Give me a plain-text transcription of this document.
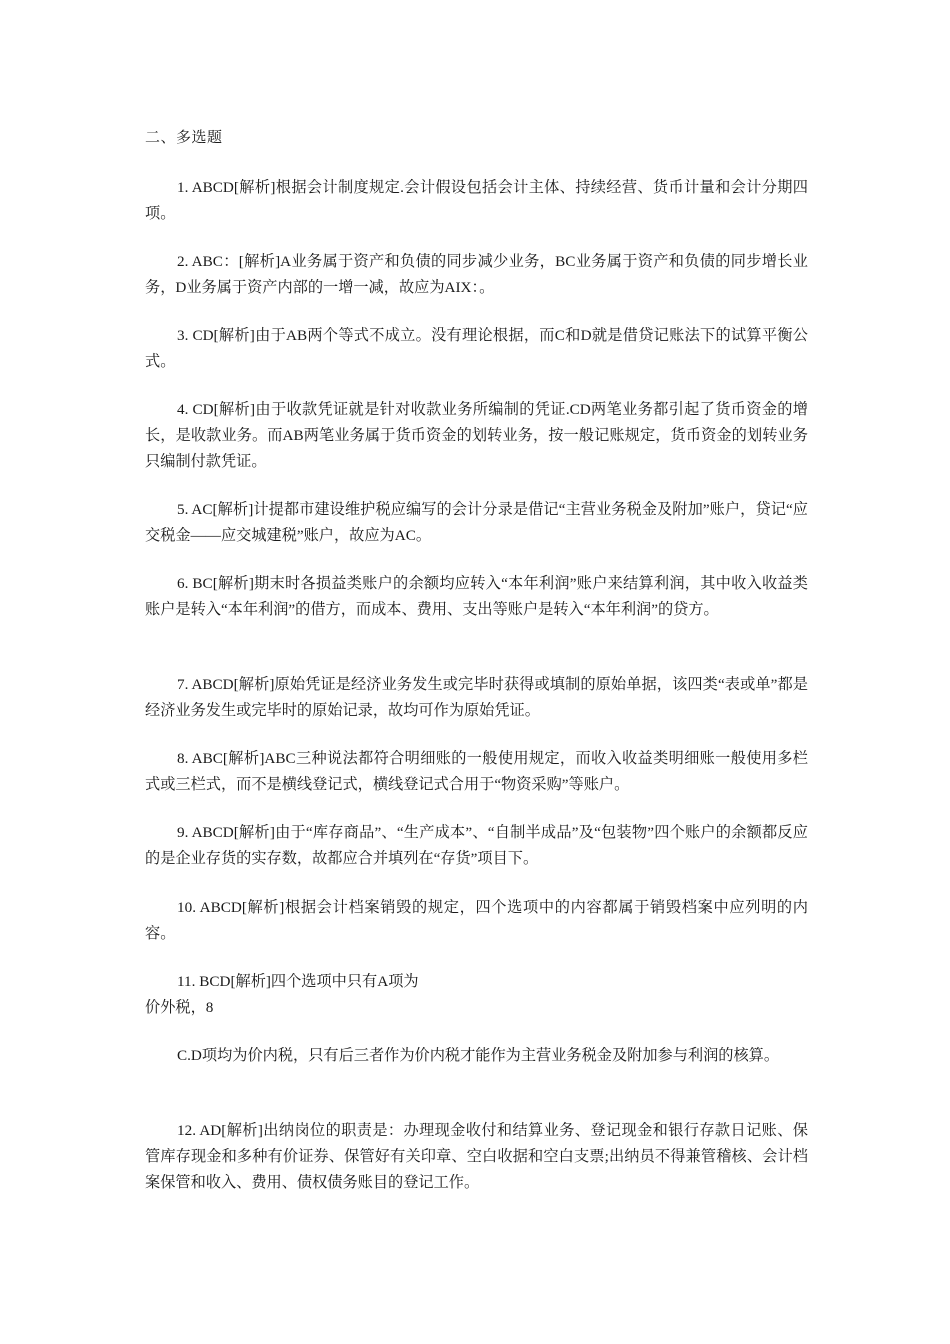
二、多选题

1. ABCD[解析]根据会计制度规定.会计假设包括会计主体、持续经营、货币计量和会计分期四项。

2. ABC：[解析]A业务属于资产和负债的同步减少业务，BC业务属于资产和负债的同步增长业务，D业务属于资产内部的一增一减，故应为AIX：。

3. CD[解析]由于AB两个等式不成立。没有理论根据，而C和D就是借贷记账法下的试算平衡公式。

4. CD[解析]由于收款凭证就是针对收款业务所编制的凭证.CD两笔业务都引起了货币资金的增长，是收款业务。而AB两笔业务属于货币资金的划转业务，按一般记账规定，货币资金的划转业务只编制付款凭证。

5. AC[解析]计提都市建设维护税应编写的会计分录是借记“主营业务税金及附加”账户，贷记“应交税金——应交城建税”账户，故应为AC。

6. BC[解析]期末时各损益类账户的余额均应转入“本年利润”账户来结算利润，其中收入收益类账户是转入“本年利润”的借方，而成本、费用、支出等账户是转入“本年利润”的贷方。

7. ABCD[解析]原始凭证是经济业务发生或完毕时获得或填制的原始单据，该四类“表或单”都是经济业务发生或完毕时的原始记录，故均可作为原始凭证。

8. ABC[解析]ABC三种说法都符合明细账的一般使用规定，而收入收益类明细账一般使用多栏式或三栏式，而不是横线登记式，横线登记式合用于“物资采购”等账户。

9. ABCD[解析]由于“库存商品”、“生产成本”、“自制半成品”及“包装物”四个账户的余额都反应的是企业存货的实存数，故都应合并填列在“存货”项目下。

10. ABCD[解析]根据会计档案销毁的规定，四个选项中的内容都属于销毁档案中应列明的内容。

11. BCD[解析]四个选项中只有A项为

价外税，8

C.D项均为价内税，只有后三者作为价内税才能作为主营业务税金及附加参与利润的核算。

12. AD[解析]出纳岗位的职责是：办理现金收付和结算业务、登记现金和银行存款日记账、保管库存现金和多种有价证券、保管好有关印章、空白收据和空白支票;出纳员不得兼管稽核、会计档案保管和收入、费用、债权债务账目的登记工作。
